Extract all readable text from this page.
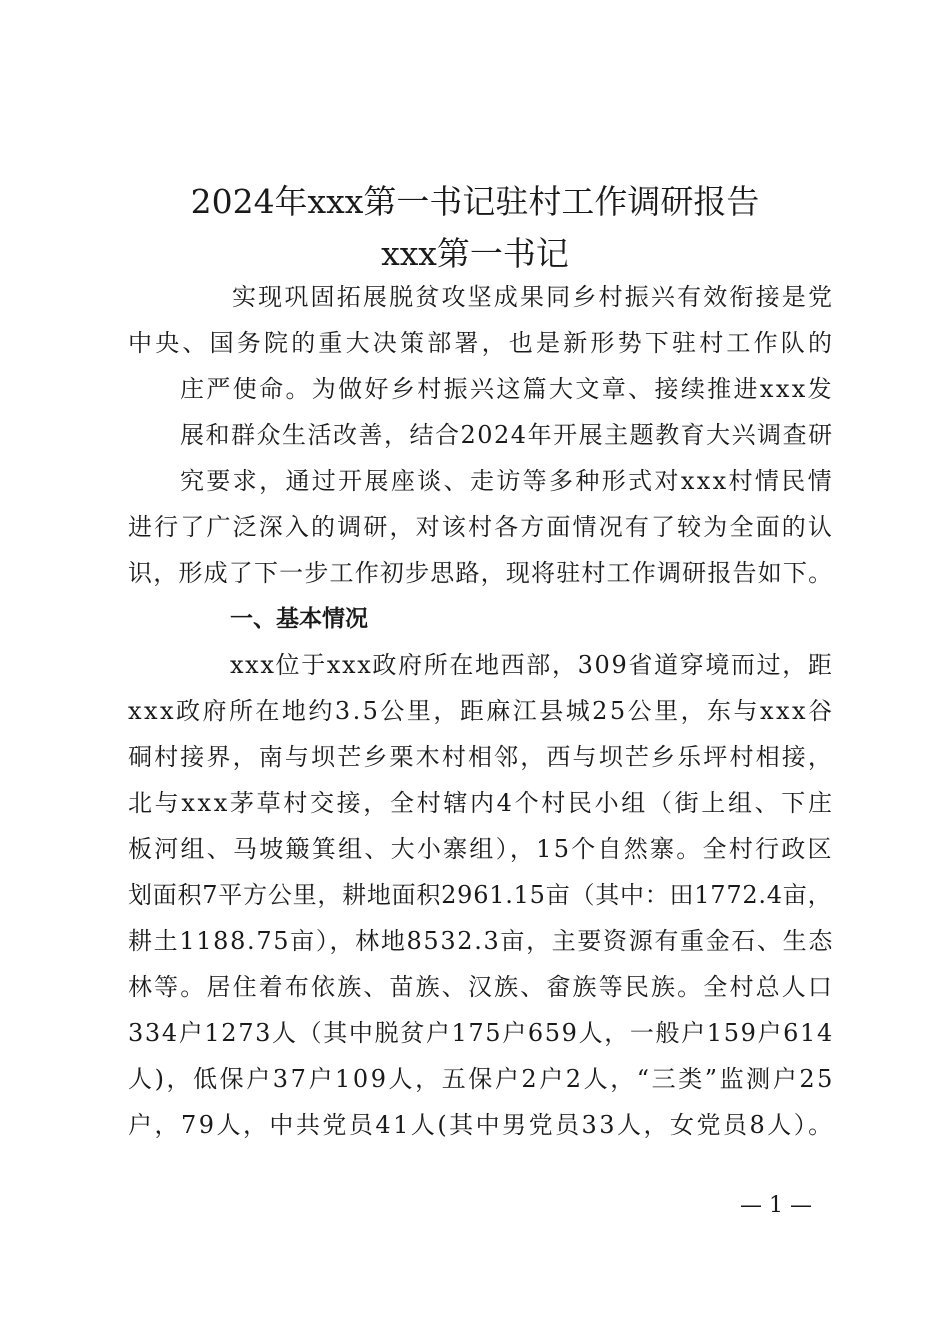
2024年xxx第一书记驻村工作调研报告
xxx第一书记
实现巩固拓展脱贫攻坚成果同乡村振兴有效衔接是党
中央、国务院的重大决策部署，也是新形势下驻村工作队的
庄严使命。为做好乡村振兴这篇大文章、接续推进xxx发
展和群众生活改善，结合2024年开展主题教育大兴调查研
究要求，通过开展座谈、走访等多种形式对xxx村情民情
进行了广泛深入的调研，对该村各方面情况有了较为全面的认
识，形成了下一步工作初步思路，现将驻村工作调研报告如下。
一、基本情况
xxx位于xxx政府所在地西部，309省道穿境而过，距
xxx政府所在地约3.5公里，距麻江县城25公里，东与xxx谷
硐村接界，南与坝芒乡栗木村相邻，西与坝芒乡乐坪村相接，
北与xxx茅草村交接，全村辖内4个村民小组（街上组、下庄
板河组、马坡簸箕组、大小寨组），15个自然寨。全村行政区
划面积7平方公里，耕地面积2961.15亩（其中：田1772.4亩，
耕土1188.75亩），林地8532.3亩，主要资源有重金石、生态
林等。居住着布依族、苗族、汉族、畲族等民族。全村总人口
334户1273人（其中脱贫户175户659人，一般户159户614
人)，低保户37户109人，五保户2户2人，“三类”监测户25
户，79人，中共党员41人(其中男党员33人，女党员8人）。
— 1 —
